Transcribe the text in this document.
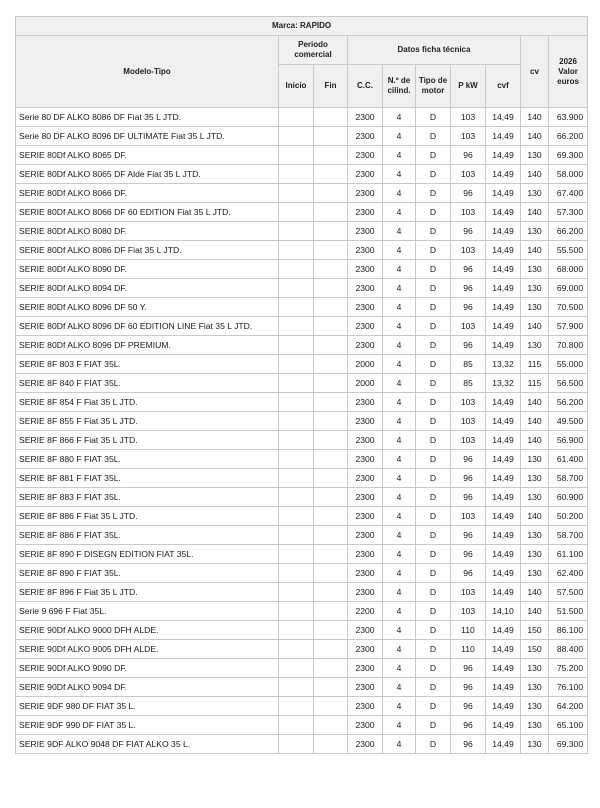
Marca: RAPIDO									
Modelo-Tipo	Periodo comercial		Datos ficha técnica					cv	2026 Valor euros
	Inicio	Fin	C.C.	N.º de cilind.	Tipo de motor	P kW	cvf		
Serie 80 DF ALKO 8086 DF Fiat 35 L JTD.			2300	4	D	103	14,49	140	63.900
Serie 80 DF ALKO 8096 DF ULTIMATE Fiat 35 L JTD.			2300	4	D	103	14,49	140	66.200
SERIE 80Df ALKO 8065 DF.			2300	4	D	96	14,49	130	69.300
SERIE 80Df ALKO 8065 DF Alde Fiat 35 L JTD.			2300	4	D	103	14,49	140	58.000
SERIE 80Df ALKO 8066 DF.			2300	4	D	96	14,49	130	67.400
SERIE 80Df ALKO 8066 DF 60 EDITION Fiat 35 L JTD.			2300	4	D	103	14,49	140	57.300
SERIE 80Df ALKO 8080 DF.			2300	4	D	96	14,49	130	66.200
SERIE 80Df ALKO 8086 DF Fiat 35 L JTD.			2300	4	D	103	14,49	140	55.500
SERIE 80Df ALKO 8090 DF.			2300	4	D	96	14,49	130	68.000
SERIE 80Df ALKO 8094 DF.			2300	4	D	96	14,49	130	69.000
SERIE 80Df ALKO 8096 DF 50 Y.			2300	4	D	96	14,49	130	70.500
SERIE 80Df ALKO 8096 DF 60 EDITION LINE Fiat 35 L JTD.			2300	4	D	103	14,49	140	57.900
SERIE 80Df ALKO 8096 DF PREMIUM.			2300	4	D	96	14,49	130	70.800
SERIE 8F 803 F FIAT 35L.			2000	4	D	85	13,32	115	55.000
SERIE 8F 840 F FIAT 35L.			2000	4	D	85	13,32	115	56.500
SERIE 8F 854 F Fiat 35 L JTD.			2300	4	D	103	14,49	140	56.200
SERIE 8F 855 F Fiat 35 L JTD.			2300	4	D	103	14,49	140	49.500
SERIE 8F 866 F Fiat 35 L JTD.			2300	4	D	103	14,49	140	56.900
SERIE 8F 880 F FIAT 35L.			2300	4	D	96	14,49	130	61.400
SERIE 8F 881 F FIAT 35L.			2300	4	D	96	14,49	130	58.700
SERIE 8F 883 F FIAT 35L.			2300	4	D	96	14,49	130	60.900
SERIE 8F 886 F Fiat 35 L JTD.			2300	4	D	103	14,49	140	50.200
SERIE 8F 886 F FIAT 35L.			2300	4	D	96	14,49	130	58.700
SERIE 8F 890 F DISEGN EDITION FIAT 35L.			2300	4	D	96	14,49	130	61.100
SERIE 8F 890 F FIAT 35L.			2300	4	D	96	14,49	130	62.400
SERIE 8F 896 F Fiat 35 L JTD.			2300	4	D	103	14,49	140	57.500
Serie 9 696 F Fiat 35L.			2200	4	D	103	14,10	140	51.500
SERIE 90Df ALKO 9000 DFH ALDE.			2300	4	D	110	14,49	150	86.100
SERIE 90Df ALKO 9005 DFH ALDE.			2300	4	D	110	14,49	150	88.400
SERIE 90Df ALKO 9090 DF.			2300	4	D	96	14,49	130	75.200
SERIE 90Df ALKO 9094 DF.			2300	4	D	96	14,49	130	76.100
SERIE 9DF 980 DF FIAT 35 L.			2300	4	D	96	14,49	130	64.200
SERIE 9DF 990 DF FIAT 35 L.			2300	4	D	96	14,49	130	65.100
SERIE 9DF ALKO 9048 DF FIAT ALKO 35 L.			2300	4	D	96	14,49	130	69.300
